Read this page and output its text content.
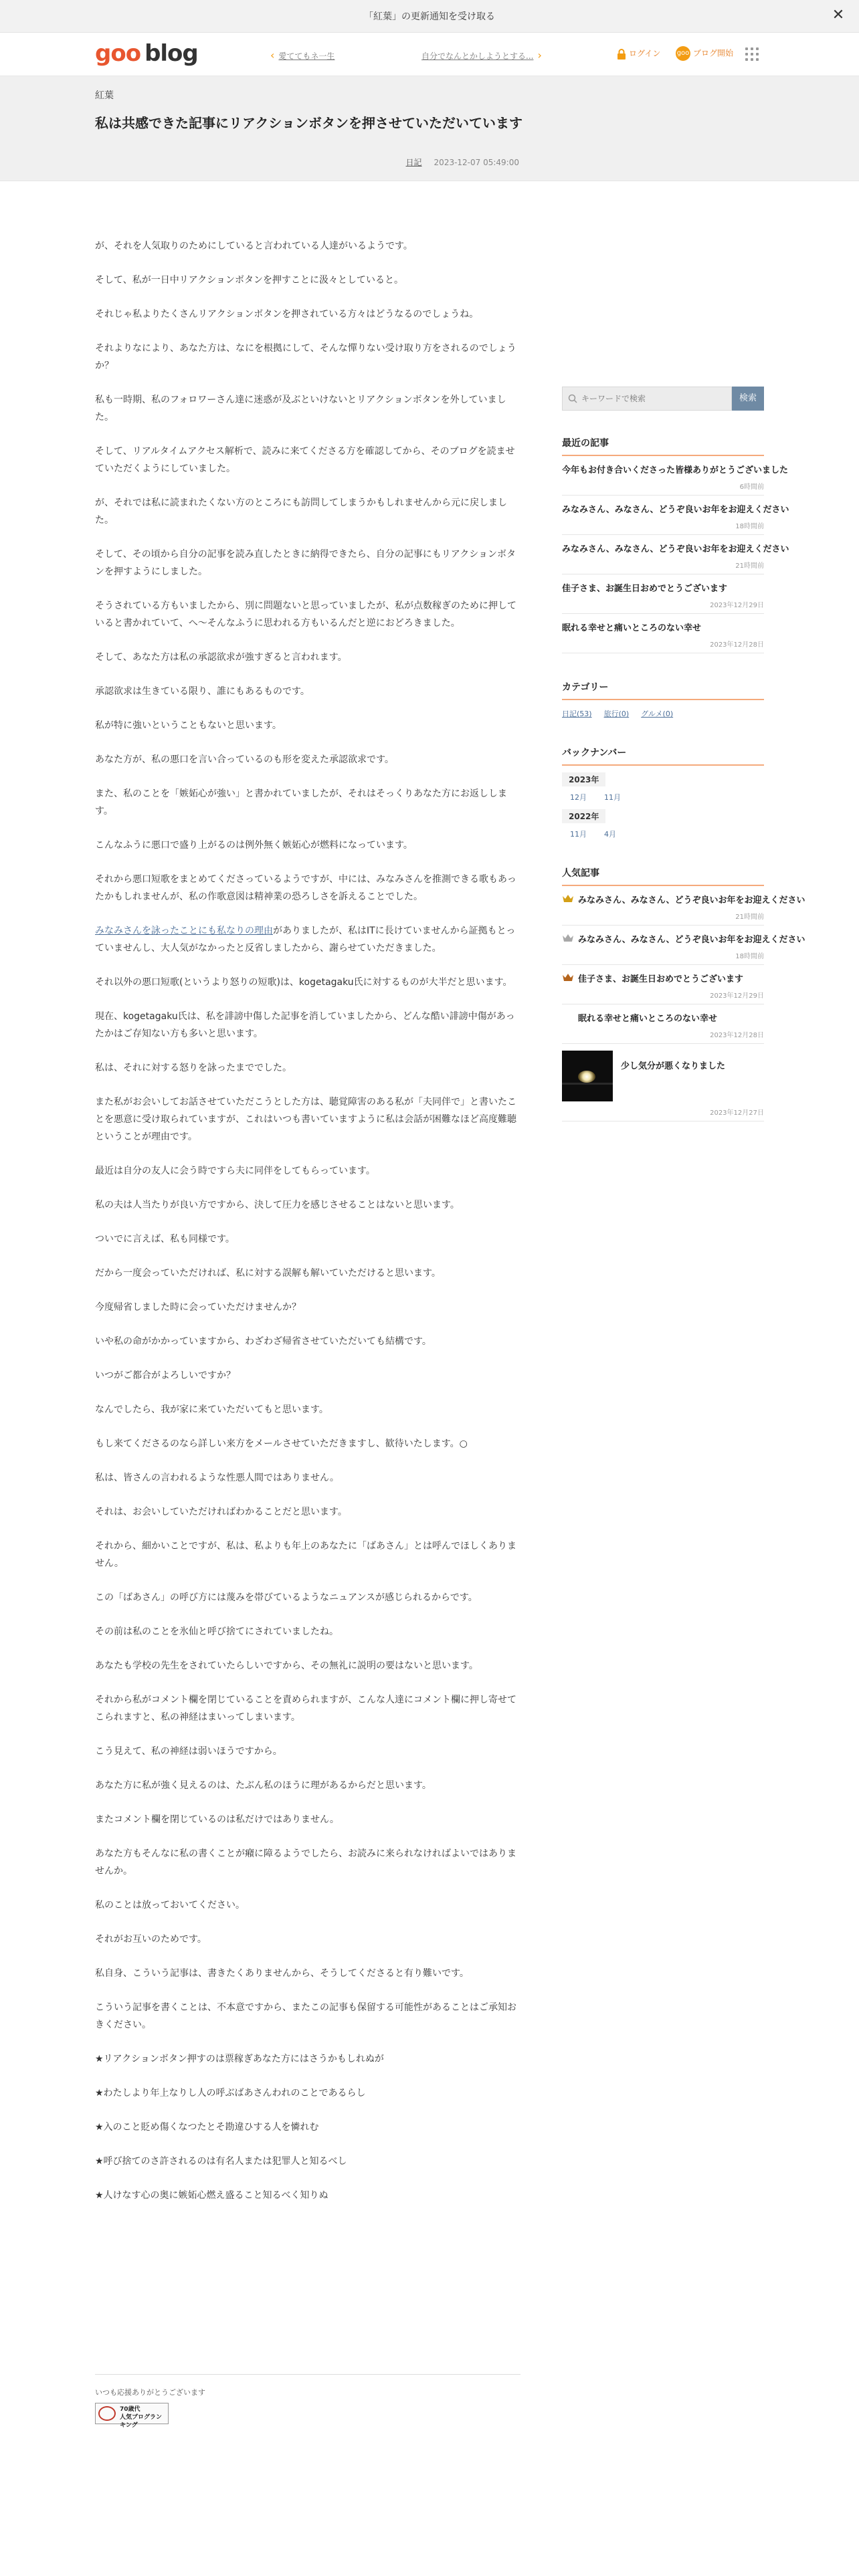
「紅葉」の更新通知を受け取る	✕
goo blog	‹ 愛ててもネ一生	自分でなんとかしようとする... ›	ログイン goo ブログ開始
紅葉
私は共感できた記事にリアクションボタンを押させていただいています
日記 2023-12-07 05:49:00

が、それを人気取りのためにしていると言われている人達がいるようです。

そして、私が一日中リアクションボタンを押すことに汲々としていると。

それじゃ私よりたくさんリアクションボタンを押されている方々はどうなるのでしょうね。

それよりなにより、あなた方は、なにを根拠にして、そんな憚りない受け取り方をされるのでしょうか？

私も一時期、私のフォロワーさん達に迷惑が及ぶといけないとリアクションボタンを外していました。

そして、リアルタイムアクセス解析で、読みに来てくださる方を確認してから、そのブログを読ませていただくようにしていました。

が、それでは私に読まれたくない方のところにも訪問してしまうかもしれませんから元に戻しました。

そして、その頃から自分の記事を読み直したときに納得できたら、自分の記事にもリアクションボタンを押すようにしました。

そうされている方もいましたから、別に問題ないと思っていましたが、私が点数稼ぎのために押していると書かれていて、へ～そんなふうに思われる方もいるんだと逆におどろきました。

そして、あなた方は私の承認欲求が強すぎると言われます。

承認欲求は生きている限り、誰にもあるものです。

私が特に強いということもないと思います。

あなた方が、私の悪口を言い合っているのも形を変えた承認欲求です。

また、私のことを「嫉妬心が強い」と書かれていましたが、それはそっくりあなた方にお返しします。

こんなふうに悪口で盛り上がるのは例外無く嫉妬心が燃料になっています。

それから悪口短歌をまとめてくださっているようですが、中には、みなみさんを推測できる歌もあったかもしれませんが、私の作歌意図は精神業の恐ろしさを訴えることでした。

みなみさんを詠ったことにも私なりの理由がありましたが、私はITに長けていませんから証拠もとっていませんし、大人気がなかったと反省しましたから、謝らせていただきました。

それ以外の悪口短歌(というより怒りの短歌)は、kogetagaku氏に対するものが大半だと思います。

現在、kogetagaku氏は、私を誹謗中傷した記事を消していましたから、どんな酷い誹謗中傷があったかはご存知ない方も多いと思います。

私は、それに対する怒りを詠ったまででした。

また私がお会いしてお話させていただこうとした方は、聴覚障害のある私が「夫同伴で」と書いたことを悪意に受け取られていますが、これはいつも書いていますように私は会話が困難なほど高度難聴ということが理由です。

最近は自分の友人に会う時ですら夫に同伴をしてもらっています。

私の夫は人当たりが良い方ですから、決して圧力を感じさせることはないと思います。

ついでに言えば、私も同様です。

だから一度会っていただければ、私に対する誤解も解いていただけると思います。

今度帰省しました時に会っていただけませんか？

いや私の命がかかっていますから、わざわざ帰省させていただいても結構です。

いつがご都合がよろしいですか？

なんでしたら、我が家に来ていただいてもと思います。

もし来てくださるのなら詳しい来方をメールさせていただきますし、歓待いたします。○

私は、皆さんの言われるような性悪人間ではありません。

それは、お会いしていただければわかることだと思います。

それから、細かいことですが、私は、私よりも年上のあなたに「ばあさん」とは呼んでほしくありません。

この「ばあさん」の呼び方には蔑みを帯びているようなニュアンスが感じられるからです。

その前は私のことを氷仙と呼び捨てにされていましたね。

あなたも学校の先生をされていたらしいですから、その無礼に説明の要はないと思います。

それから私がコメント欄を閉じていることを責められますが、こんな人達にコメント欄に押し寄せてこられますと、私の神経はまいってしまいます。

こう見えて、私の神経は弱いほうですから。

あなた方に私が強く見えるのは、たぶん私のほうに理があるからだと思います。

またコメント欄を閉じているのは私だけではありません。

あなた方もそんなに私の書くことが癪に障るようでしたら、お読みに来られなければよいではありませんか。

私のことは放っておいてください。

それがお互いのためです。

私自身、こういう記事は、書きたくありませんから、そうしてくださると有り難いです。

こういう記事を書くことは、不本意ですから、またこの記事も保留する可能性があることはご承知おきください。

★リアクションボタン押すのは票稼ぎあなた方にはさうかもしれぬが

★わたしより年上なりし人の呼ぶばあさんわれのことであるらし

★入のこと貶め傷くなつたとそ勘違ひする人を憐れむ

★呼び捨てのさ許されるのは有名人または犯罪人と知るべし

★人けなす心の奥に嫉妬心燃え盛ること知るべく知りぬ

いつも応援ありがとうございます
70歳代
人気ブログランキング
キーワードで検索
検索
最近の記事
今年もお付き合いくださった皆様ありがとうございました
6時間前
みなみさん、みなさん、どうぞ良いお年をお迎えください
18時間前
みなみさん、みなさん、どうぞ良いお年をお迎えください
21時間前
佳子さま、お誕生日おめでとうございます
2023年12月29日
眠れる幸せと痛いところのない幸せ
2023年12月28日
カテゴリー
日記(53) 旅行(0) グルメ(0)
バックナンバー
2023年
12月 11月
2022年
11月 4月
人気記事
みなみさん、みなさん、どうぞ良いお年をお迎えください
21時間前
みなみさん、みなさん、どうぞ良いお年をお迎えください
18時間前
佳子さま、お誕生日おめでとうございます
2023年12月29日
眠れる幸せと痛いところのない幸せ
2023年12月28日
少し気分が悪くなりました
2023年12月27日
